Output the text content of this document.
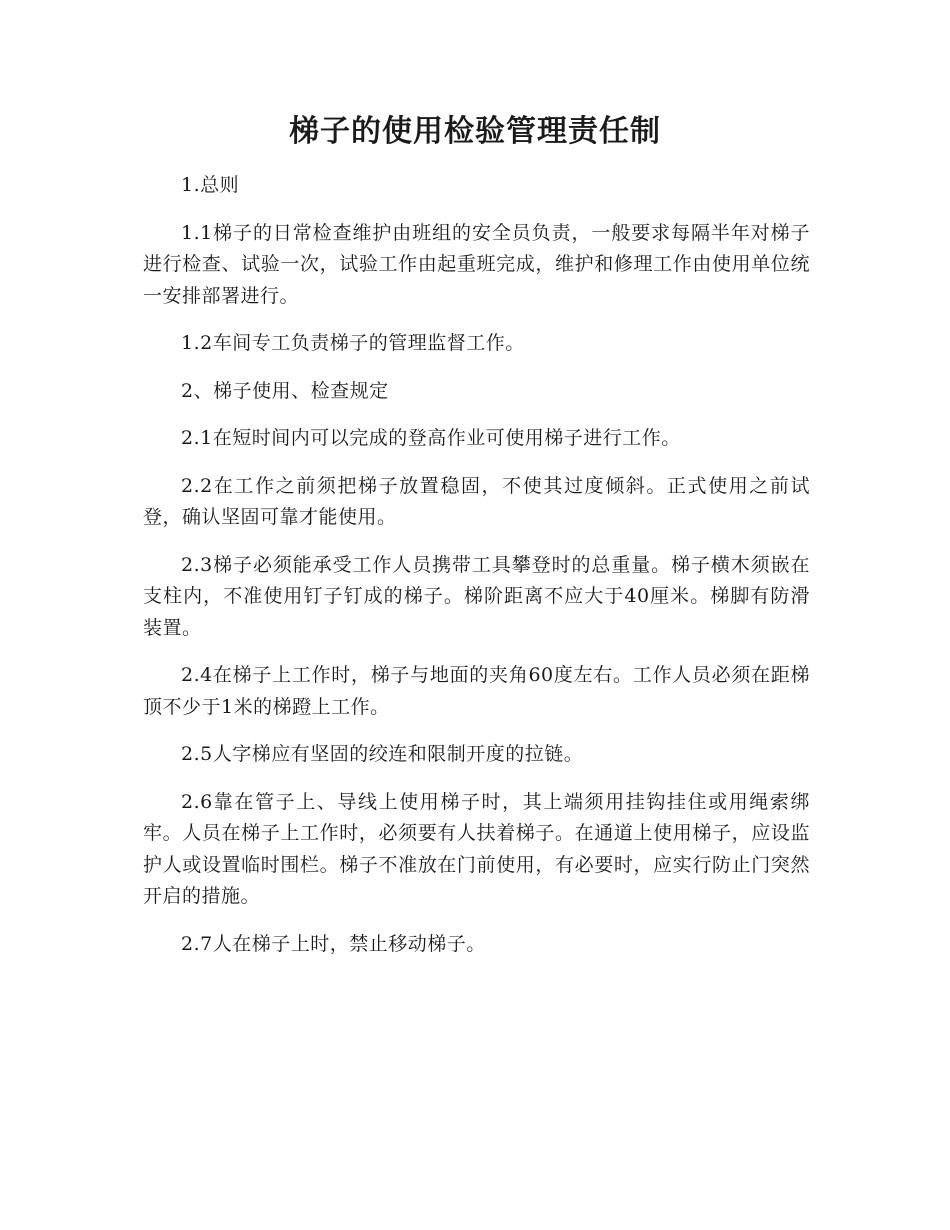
梯子的使用检验管理责任制

1.总则

1.1梯子的日常检查维护由班组的安全员负责，一般要求每隔半年对梯子进行检查、试验一次，试验工作由起重班完成，维护和修理工作由使用单位统一安排部署进行。

1.2车间专工负责梯子的管理监督工作。

2、梯子使用、检查规定

2.1在短时间内可以完成的登高作业可使用梯子进行工作。

2.2在工作之前须把梯子放置稳固，不使其过度倾斜。正式使用之前试登，确认坚固可靠才能使用。

2.3梯子必须能承受工作人员携带工具攀登时的总重量。梯子横木须嵌在支柱内，不准使用钉子钉成的梯子。梯阶距离不应大于40厘米。梯脚有防滑装置。

2.4在梯子上工作时，梯子与地面的夹角60度左右。工作人员必须在距梯顶不少于1米的梯蹬上工作。

2.5人字梯应有坚固的绞连和限制开度的拉链。

2.6靠在管子上、导线上使用梯子时，其上端须用挂钩挂住或用绳索绑牢。人员在梯子上工作时，必须要有人扶着梯子。在通道上使用梯子，应设监护人或设置临时围栏。梯子不准放在门前使用，有必要时，应实行防止门突然开启的措施。

2.7人在梯子上时，禁止移动梯子。
